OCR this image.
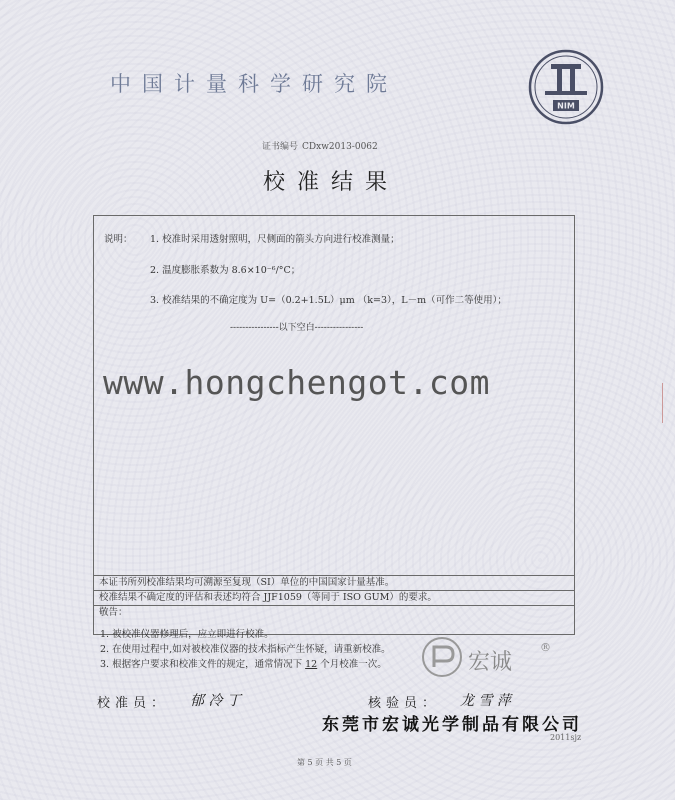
中国计量科学研究院
NIM
证书编号 CDxw2013-0062
校准结果
说明： 1. 校准时采用透射照明，尺侧面的箭头方向进行校准测量；
2. 温度膨胀系数为 8.6×10⁻⁶/°C；
3. 校准结果的不确定度为 U=（0.2+1.5L）μm （k=3），L－m（可作二等使用）；
----------------以下空白----------------
www.hongchengot.com
本证书所列校准结果均可溯源至复现（SI）单位的中国国家计量基准。
校准结果不确定度的评估和表述均符合 JJF1059（等同于 ISO GUM）的要求。
敬告：
1. 被校准仪器修理后，应立即进行校准。
2. 在使用过程中,如对被校准仪器的技术指标产生怀疑，请重新校准。
3. 根据客户要求和校准文件的规定，通常情况下 12 个月校准一次。	宏诚
®
校准员： 郁 冷 丁	核验员： 龙 雪 萍
东莞市宏诚光学制品有限公司
2011sjz
第 5 页 共 5 页
